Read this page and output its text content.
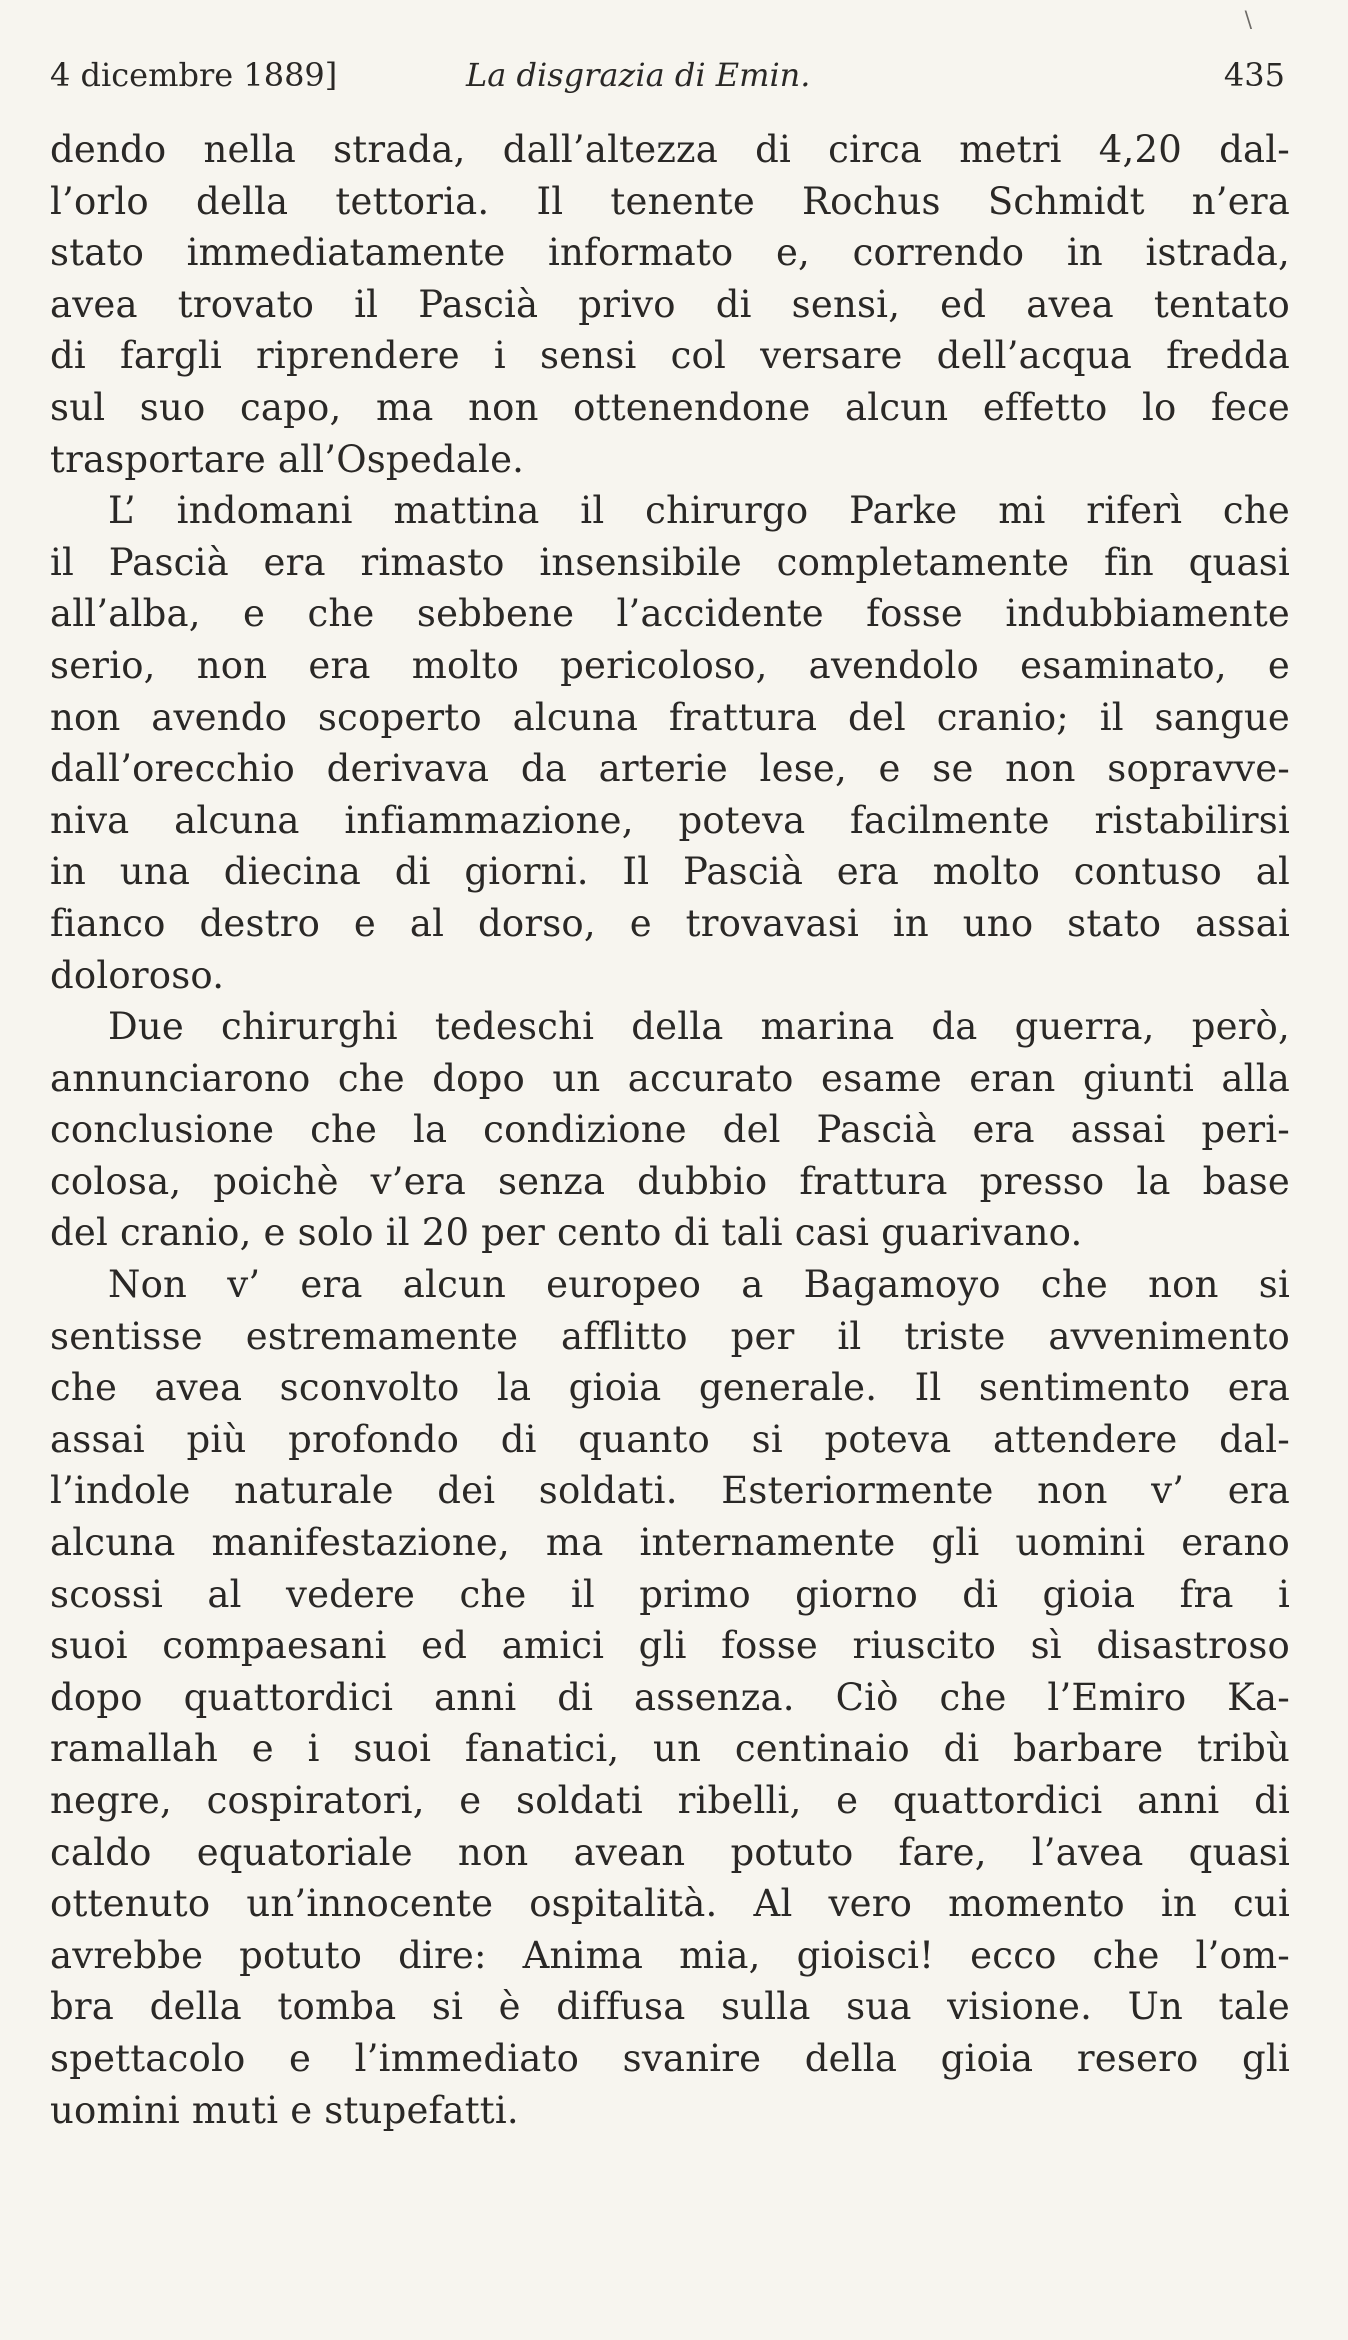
\
4 dicembre 1889]	La disgrazia di Emin.	435
dendo nella strada, dall’altezza di circa metri 4,20 dal-
l’orlo della tettoria. Il tenente Rochus Schmidt n’era
stato immediatamente informato e, correndo in istrada,
avea trovato il Pascià privo di sensi, ed avea tentato
di fargli riprendere i sensi col versare dell’acqua fredda
sul suo capo, ma non ottenendone alcun effetto lo fece
trasportare all’Ospedale.
L’ indomani mattina il chirurgo Parke mi riferì che
il Pascià era rimasto insensibile completamente fin quasi
all’alba, e che sebbene l’accidente fosse indubbiamente
serio, non era molto pericoloso, avendolo esaminato, e
non avendo scoperto alcuna frattura del cranio; il sangue
dall’orecchio derivava da arterie lese, e se non sopravve-
niva alcuna infiammazione, poteva facilmente ristabilirsi
in una diecina di giorni. Il Pascià era molto contuso al
fianco destro e al dorso, e trovavasi in uno stato assai
doloroso.
Due chirurghi tedeschi della marina da guerra, però,
annunciarono che dopo un accurato esame eran giunti alla
conclusione che la condizione del Pascià era assai peri-
colosa, poichè v’era senza dubbio frattura presso la base
del cranio, e solo il 20 per cento di tali casi guarivano.
Non v’ era alcun europeo a Bagamoyo che non si
sentisse estremamente afflitto per il triste avvenimento
che avea sconvolto la gioia generale. Il sentimento era
assai più profondo di quanto si poteva attendere dal-
l’indole naturale dei soldati. Esteriormente non v’ era
alcuna manifestazione, ma internamente gli uomini erano
scossi al vedere che il primo giorno di gioia fra i
suoi compaesani ed amici gli fosse riuscito sì disastroso
dopo quattordici anni di assenza. Ciò che l’Emiro Ka-
ramallah e i suoi fanatici, un centinaio di barbare tribù
negre, cospiratori, e soldati ribelli, e quattordici anni di
caldo equatoriale non avean potuto fare, l’avea quasi
ottenuto un’innocente ospitalità. Al vero momento in cui
avrebbe potuto dire: Anima mia, gioisci! ecco che l’om-
bra della tomba si è diffusa sulla sua visione. Un tale
spettacolo e l’immediato svanire della gioia resero gli
uomini muti e stupefatti.
